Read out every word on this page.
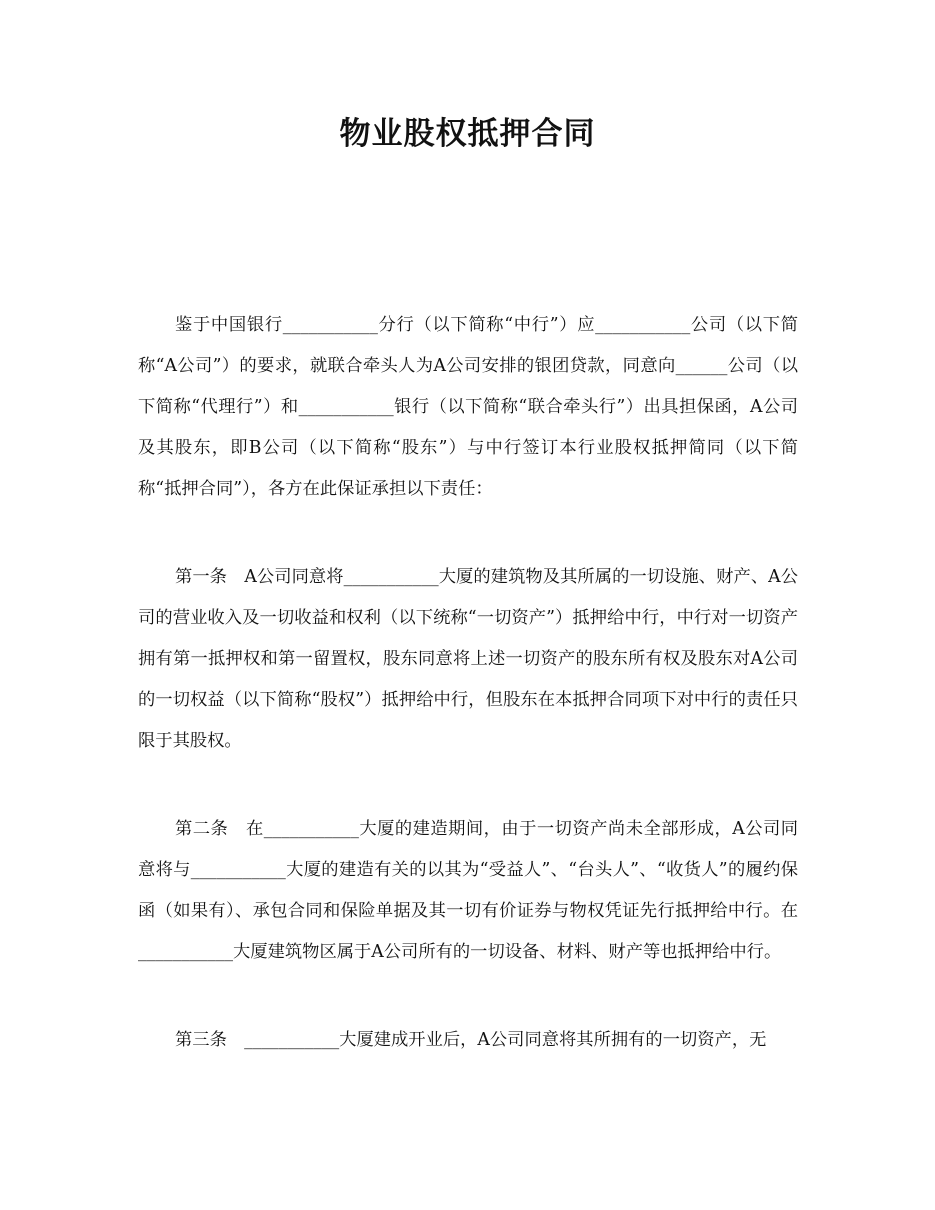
物业股权抵押合同

鉴于中国银行___________分行（以下简称“中行”）应___________公司（以下简称“A公司”）的要求，就联合牵头人为A公司安排的银团贷款，同意向______公司（以下简称“代理行”）和___________银行（以下简称“联合牵头行”）出具担保函，A公司及其股东，即B公司（以下简称“股东”）与中行签订本行业股权抵押简同（以下简称“抵押合同”），各方在此保证承担以下责任：

第一条　A公司同意将___________大厦的建筑物及其所属的一切设施、财产、A公司的营业收入及一切收益和权利（以下统称“一切资产”）抵押给中行，中行对一切资产拥有第一抵押权和第一留置权，股东同意将上述一切资产的股东所有权及股东对A公司的一切权益（以下简称“股权”）抵押给中行，但股东在本抵押合同项下对中行的责任只限于其股权。

第二条　在___________大厦的建造期间，由于一切资产尚未全部形成，A公司同意将与___________大厦的建造有关的以其为“受益人”、“台头人”、“收货人”的履约保函（如果有）、承包合同和保险单据及其一切有价证券与物权凭证先行抵押给中行。在___________大厦建筑物区属于A公司所有的一切设备、材料、财产等也抵押给中行。

第三条　___________大厦建成开业后，A公司同意将其所拥有的一切资产，无
